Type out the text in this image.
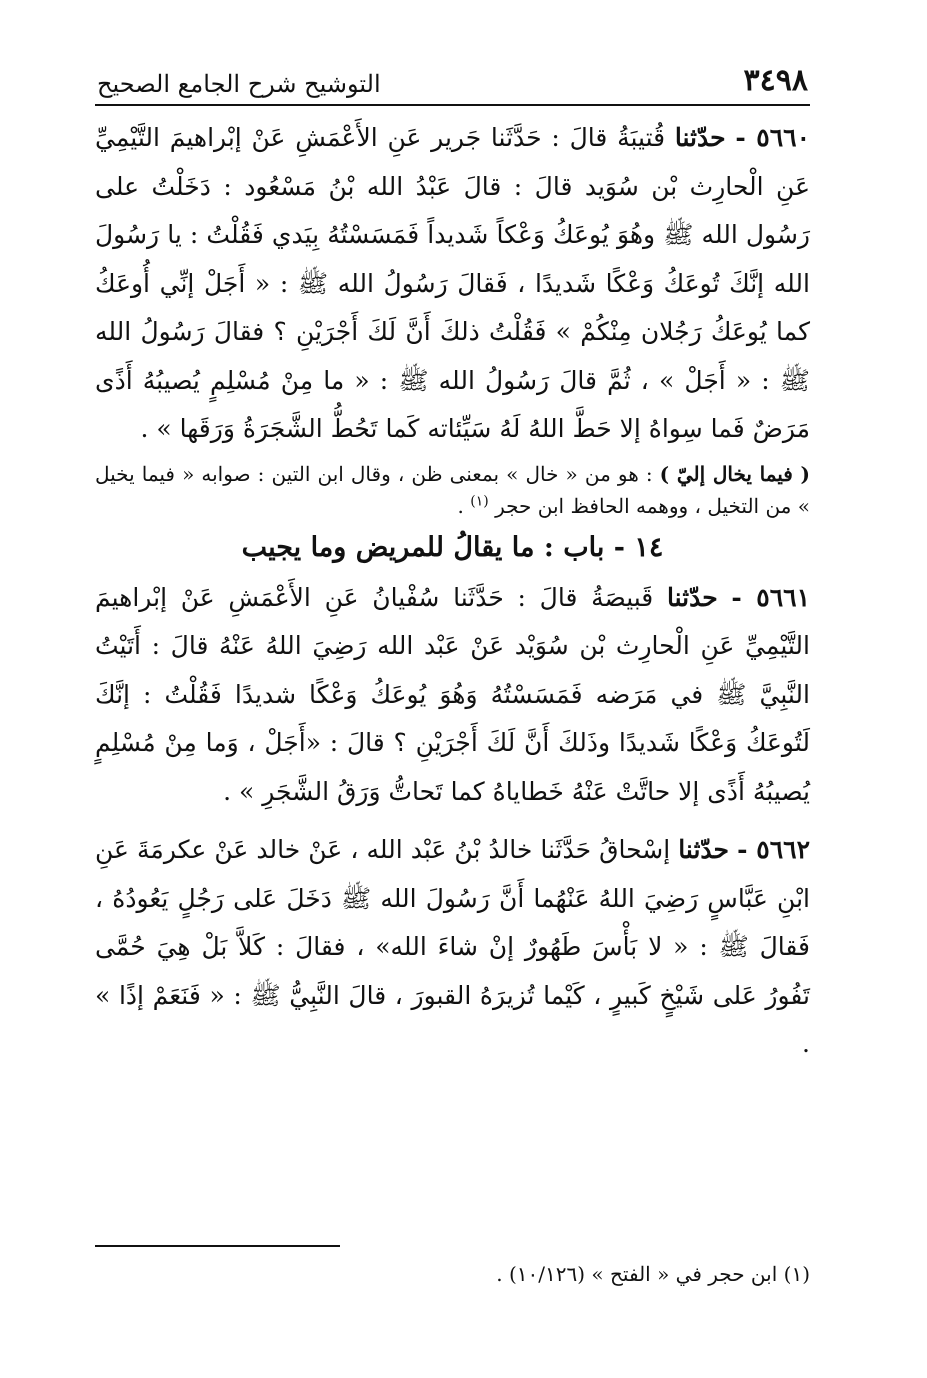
٣٤٩٨
التوشيح شرح الجامع الصحيح

٥٦٦٠ - حدّثنا قُتيبَةُ قالَ : حَدَّثَنا جَرير عَنِ الأَعْمَشِ عَنْ إبْراهيمَ التَّيْمِيِّ عَنِ الْحارِث بْن سُوَيد قالَ : قالَ عَبْدُ الله بْنُ مَسْعُود : دَخَلْتُ على رَسُول الله ﷺ وهُوَ يُوعَكُ وَعْكاً شَديداً فَمَسَسْتُهُ بِيَدي فَقُلْتُ : يا رَسُولَ الله إنَّكَ تُوعَكُ وَعْكًا شَديدًا ، فَقالَ رَسُولُ الله ﷺ : « أَجَلْ إنِّي أُوعَكُ كما يُوعَكُ رَجُلان مِنْكُمْ » فَقُلْتُ ذلكَ أَنَّ لَكَ أَجْرَيْنِ ؟ فقالَ رَسُولُ الله ﷺ : « أَجَلْ » ، ثُمَّ قالَ رَسُولُ الله ﷺ : « ما مِنْ مُسْلِمٍ يُصيبُهُ أَذًى مَرَضٌ فَما سِواهُ إلا حَطَّ اللهُ لَهُ سَيِّئاته كَما تَحُطُّ الشَّجَرَةُ وَرَقَها » .

( فيما يخال إليّ ) : هو من « خال » بمعنى ظن ، وقال ابن التين : صوابه « فيما يخيل » من التخيل ، ووهمه الحافظ ابن حجر $^{(١)}$ .

١٤ - باب : ما يقالُ للمريض وما يجيب

٥٦٦١ - حدّثنا قَبيصَةُ قالَ : حَدَّثَنا سُفْيانُ عَنِ الأَعْمَشِ عَنْ إبْراهيمَ التَّيْمِيِّ عَنِ الْحارِث بْن سُوَيْد عَنْ عَبْد الله رَضِيَ اللهُ عَنْهُ قالَ : أَتَيْتُ النَّبِيَّ ﷺ في مَرَضه فَمَسَسْتُهُ وَهُوَ يُوعَكُ وَعْكًا شديدًا فَقُلْتُ : إنَّكَ لَتُوعَكُ وَعْكًا شَديدًا وذَلكَ أَنَّ لَكَ أَجْرَيْنِ ؟ قالَ : «أَجَلْ ، وَما مِنْ مُسْلِمٍ يُصيبُهُ أَذًى إلا حاتَّتْ عَنْهُ خَطاياهُ كما تَحاتُّ وَرَقُ الشَّجَرِ » .

٥٦٦٢ - حدّثنا إسْحاقُ حَدَّثَنا خالدُ بْنُ عَبْد الله ، عَنْ خالد عَنْ عكرمَةَ عَنِ ابْنِ عَبَّاسٍ رَضِيَ اللهُ عَنْهُما أَنَّ رَسُولَ الله ﷺ دَخَلَ عَلى رَجُلٍ يَعُودُهُ ، فَقالَ ﷺ : « لا بَأْسَ طَهُورٌ إنْ شاءَ الله» ، فقالَ : كَلاَّ بَلْ هِيَ حُمَّى تَفُورُ عَلى شَيْخٍ كَبيرٍ ، كَيْما تُزيرَهُ القبورَ ، قالَ النَّبِيُّ ﷺ : « فَنَعَمْ إذًا » .

(١) ابن حجر في « الفتح » (١٠/١٢٦) .
